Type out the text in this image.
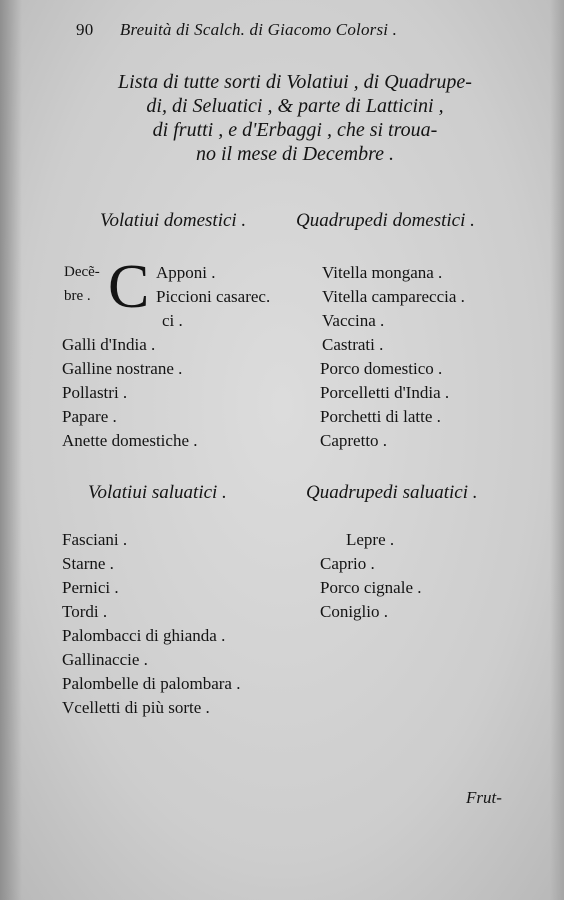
90 Breuità di Scalch. di Giacomo Colorsi .
Lista di tutte sorti di Volatiui , di Quadrupe-
di, di Seluatici , & parte di Latticini ,
di frutti , e d'Erbaggi , che si troua-
no il mese di Decembre .
Volatiui domestici .	Quadrupedi domestici .
Decẽ-
bre . C Apponi .
Piccioni casarec.
ci .
Galli d'India .
Galline nostrane .
Pollastri .
Papare .
Anette domestiche .
Vitella mongana .
Vitella campareccia .
Vaccina .
Castrati .
Porco domestico .
Porcelletti d'India .
Porchetti di latte .
Capretto .
Volatiui saluatici .	Quadrupedi saluatici .
Fasciani .
Starne .
Pernici .
Tordi .
Palombacci di ghianda .
Gallinaccie .
Palombelle di palombara .
Vcelletti di più sorte .
Lepre .
Caprio .
Porco cignale .
Coniglio .
Frut-
